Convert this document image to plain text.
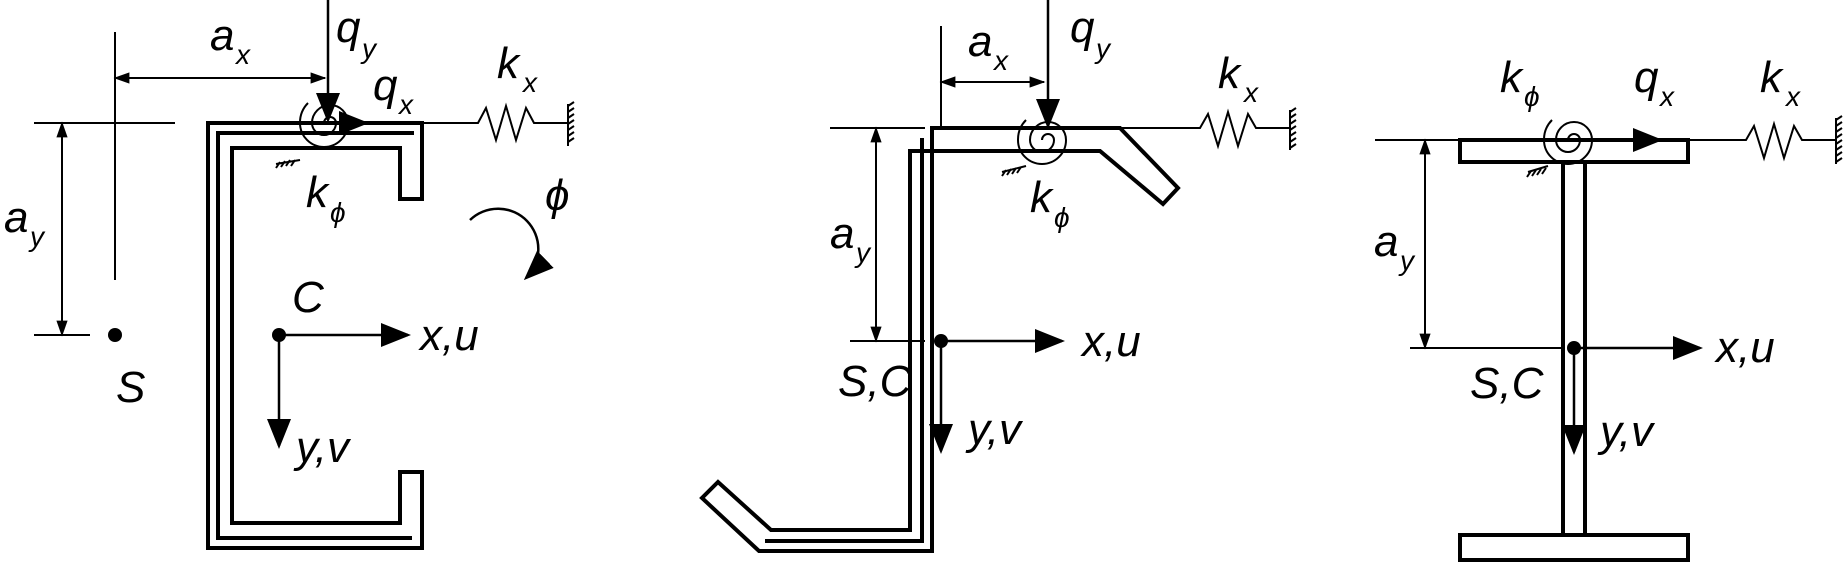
a y
a x
S
q y
q x
k ϕ
k x
ϕ
C
x,u
y,v
a y
a x
q y
k ϕ
k x
S,C
x,u
y,v
a y
k ϕ q x k x
S,C
x,u
y,v
